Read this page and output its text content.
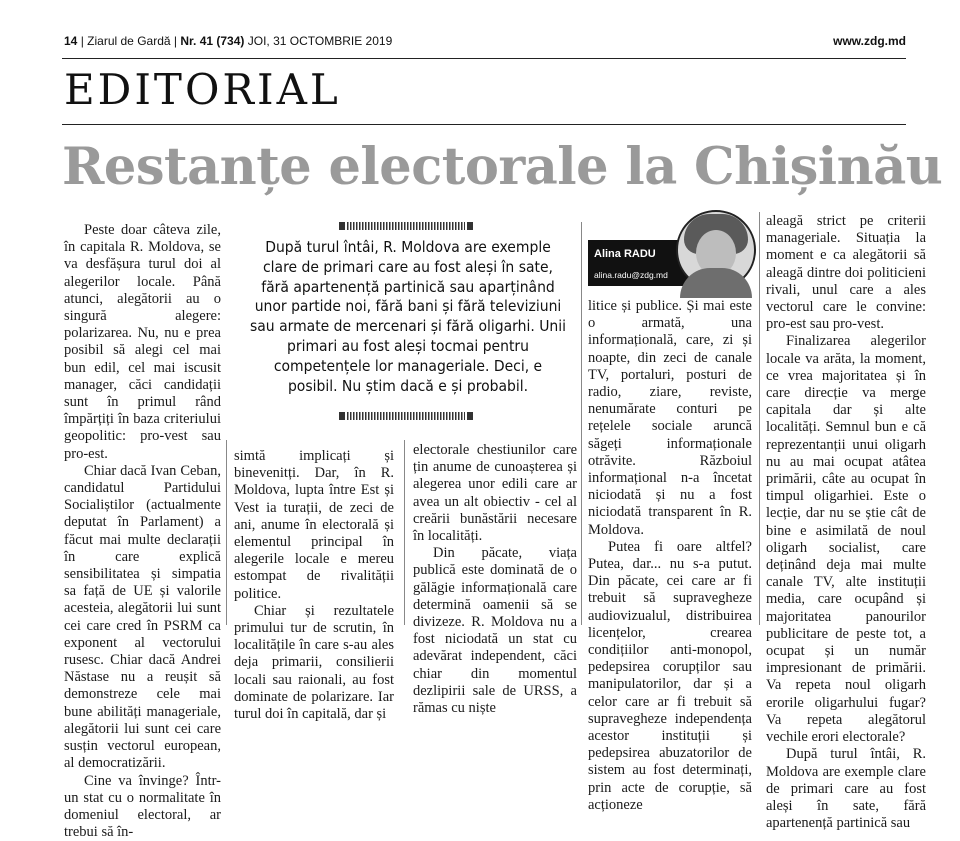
14 | Ziarul de Gardă | Nr. 41 (734) JOI, 31 OCTOMBRIE 2019	www.zdg.md
EDITORIAL
Restanțe electorale la Chișinău
După turul întâi, R. Moldova are exemple clare de primari care au fost aleși în sate, fără apartenență partinică sau aparținând unor partide noi, fără bani și fără televiziuni sau armate de mercenari și fără oligarhi. Unii primari au fost aleși tocmai pentru competențele lor manageriale. Deci, e posibil. Nu știm dacă e și probabil.
Alina RADU
alina.radu@zdg.md

Peste doar câteva zile, în capitala R. Moldova, se va desfășura turul doi al alegerilor locale. Până atunci, alegătorii au o singură alegere: polarizarea. Nu, nu e prea posibil să alegi cel mai bun edil, cel mai iscusit manager, căci candidații sunt în primul rând împărțiți în baza criteriului geopolitic: pro-vest sau pro-est.

Chiar dacă Ivan Ceban, candidatul Partidului Socialiștilor (actualmente deputat în Parlament) a făcut mai multe declarații în care explică sensibilitatea și simpatia sa față de UE și valorile acesteia, alegătorii lui sunt cei care cred în PSRM ca exponent al vectorului rusesc. Chiar dacă Andrei Năstase nu a reușit să demonstreze cele mai bune abilități manageriale, alegătorii lui sunt cei care susțin vectorul european, al democratizării.

Cine va învinge? Într-un stat cu o normalitate în domeniul electoral, ar trebui să în-

simtă implicați și binevenitți. Dar, în R. Moldova, lupta între Est și Vest ia turații, de zeci de ani, anume în electorală și elementul principal în alegerile locale e mereu estompat de rivalității politice.

Chiar și rezultatele primului tur de scrutin, în localitățile în care s-au ales deja primarii, consilierii locali sau raionali, au fost dominate de polarizare. Iar turul doi în capitală, dar și

electorale chestiunilor care țin anume de cunoașterea și alegerea unor edili care ar avea un alt obiectiv - cel al creării bunăstării necesare în localități.

Din păcate, viața publică este dominată de o gălăgie informațională care determină oamenii să se divizeze. R. Moldova nu a fost niciodată un stat cu adevărat independent, căci chiar din momentul dezlipirii sale de URSS, a rămas cu niște

litice și publice. Și mai este o armată, una informațională, care, zi și noapte, din zeci de canale TV, portaluri, posturi de radio, ziare, reviste, nenumărate conturi pe rețelele sociale aruncă săgeți informaționale otrăvite. Războiul informațional n-a încetat niciodată și nu a fost niciodată transparent în R. Moldova.

Putea fi oare altfel? Putea, dar... nu s-a putut. Din păcate, cei care ar fi trebuit să supravegheze audiovizualul, distribuirea licențelor, crearea condițiilor anti-monopol, pedepsirea corupților sau manipulatorilor, dar și a celor care ar fi trebuit să supravegheze independența acestor instituții și pedepsirea abuzatorilor de sistem au fost determinați, prin acte de corupție, să acționeze

aleagă strict pe criterii manageriale. Situația la moment e ca alegătorii să aleagă dintre doi politicieni rivali, unul care a ales vectorul care le convine: pro-est sau pro-vest.

Finalizarea alegerilor locale va arăta, la moment, ce vrea majoritatea și în care direcție va merge capitala dar și alte localități. Semnul bun e că reprezentanții unui oligarh nu au mai ocupat atâtea primării, câte au ocupat în timpul oligarhiei. Este o lecție, dar nu se știe cât de bine e asimilată de noul oligarh socialist, care deținând deja mai multe canale TV, alte instituții media, care ocupând și majoritatea panourilor publicitare de peste tot, a ocupat și un număr impresionant de primării. Va repeta noul oligarh erorile oligarhului fugar? Va repeta alegătorul vechile erori electorale?

După turul întâi, R. Moldova are exemple clare de primari care au fost aleși în sate, fără apartenență partinică sau
